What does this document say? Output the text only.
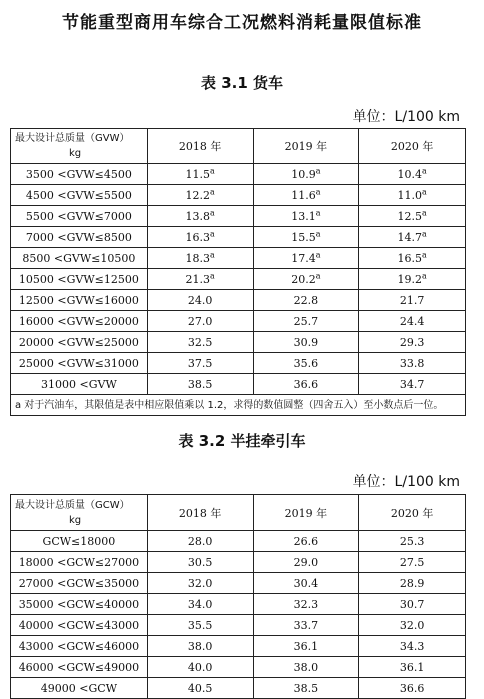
节能重型商用车综合工况燃料消耗量限值标准
表 3.1 货车
单位：L/100 km
最大设计总质量（GVW）
kg	2018 年	2019 年	2020 年
3500 <GVW≤4500	11.5$^a$	10.9$^a$	10.4$^a$
4500 <GVW≤5500	12.2$^a$	11.6$^a$	11.0$^a$
5500 <GVW≤7000	13.8$^a$	13.1$^a$	12.5$^a$
7000 <GVW≤8500	16.3$^a$	15.5$^a$	14.7$^a$
8500 <GVW≤10500	18.3$^a$	17.4$^a$	16.5$^a$
10500 <GVW≤12500	21.3$^a$	20.2$^a$	19.2$^a$
12500 <GVW≤16000	24.0	22.8	21.7
16000 <GVW≤20000	27.0	25.7	24.4
20000 <GVW≤25000	32.5	30.9	29.3
25000 <GVW≤31000	37.5	35.6	33.8
31000 <GVW	38.5	36.6	34.7
a 对于汽油车，其限值是表中相应限值乘以 1.2，求得的数值圆整（四舍五入）至小数点后一位。			
表 3.2 半挂牵引车
单位：L/100 km
最大设计总质量（GCW）
kg	2018 年	2019 年	2020 年
GCW≤18000	28.0	26.6	25.3
18000 <GCW≤27000	30.5	29.0	27.5
27000 <GCW≤35000	32.0	30.4	28.9
35000 <GCW≤40000	34.0	32.3	30.7
40000 <GCW≤43000	35.5	33.7	32.0
43000 <GCW≤46000	38.0	36.1	34.3
46000 <GCW≤49000	40.0	38.0	36.1
49000 <GCW	40.5	38.5	36.6
